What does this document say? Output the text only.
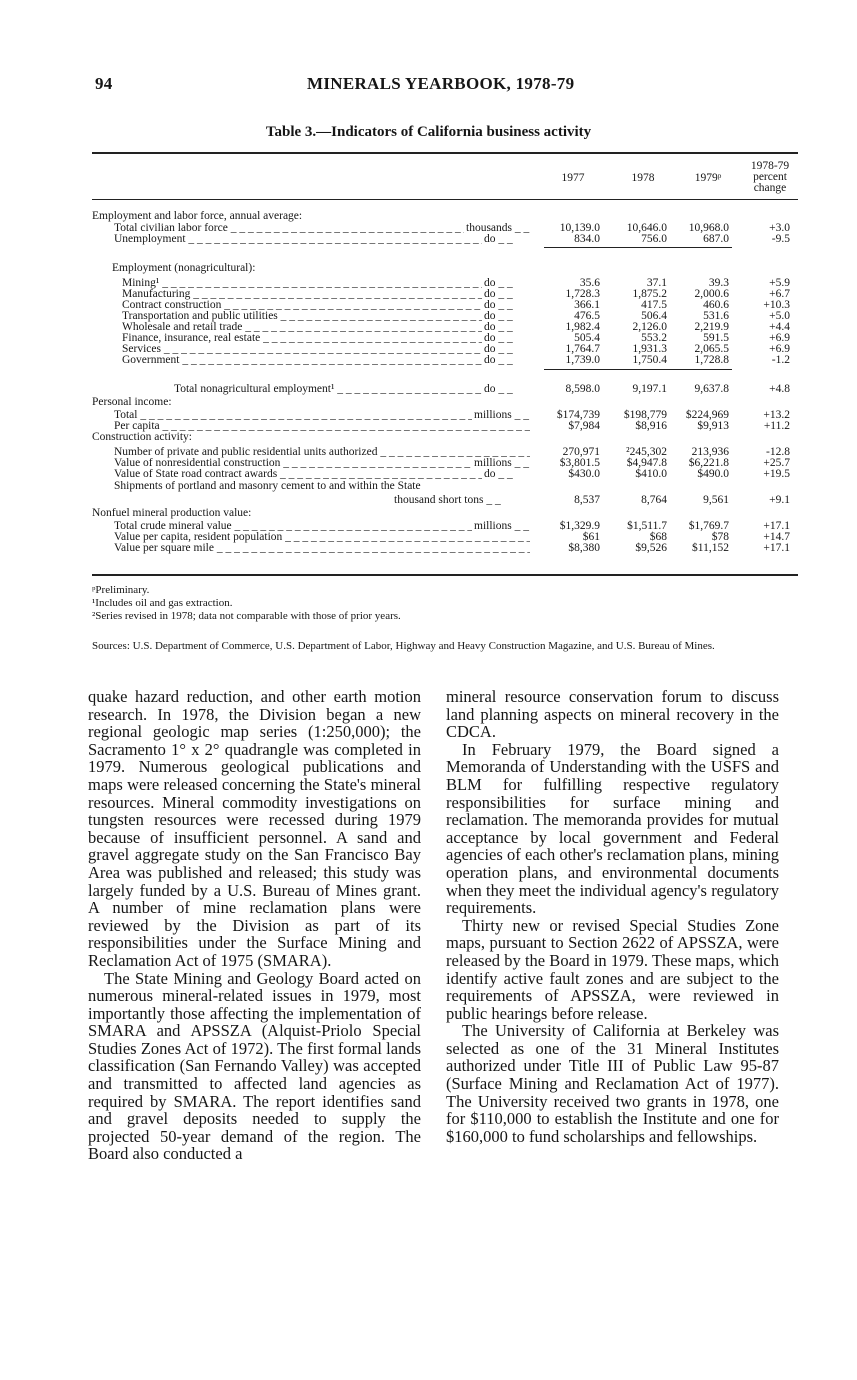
94	MINERALS YEARBOOK, 1978-79
Table 3.—Indicators of California business activity
1977	1978	1979ᵖ
1978-79
percent
change
Employment and labor force, annual average:
Total civilian labor force _ _ _	thousands _ _	10,139.0	10,646.0	10,968.0	+3.0
Unemployment _ _ _	do _ _	834.0	756.0	687.0	-9.5
Employment (nonagricultural):
Mining¹ _ _ _	do _ _	35.6	37.1	39.3	+5.9
Manufacturing _ _ _	do _ _	1,728.3	1,875.2	2,000.6	+6.7
Contract construction _ _ _	do _ _	366.1	417.5	460.6	+10.3
Transportation and public utilities _ _ _	do _ _	476.5	506.4	531.6	+5.0
Wholesale and retail trade _ _ _	do _ _	1,982.4	2,126.0	2,219.9	+4.4
Finance, insurance, real estate _ _ _	do _ _	505.4	553.2	591.5	+6.9
Services _ _ _	do _ _	1,764.7	1,931.3	2,065.5	+6.9
Government _ _ _	do _ _	1,739.0	1,750.4	1,728.8	-1.2
Total nonagricultural employment¹ _ _ _	do _ _	8,598.0	9,197.1	9,637.8	+4.8
Personal income:
Total _ _ _	millions _ _	$174,739	$198,779	$224,969	+13.2
Per capita _ _ _	$7,984	$8,916	$9,913	+11.2
Construction activity:
Number of private and public residential units authorized _ _ _	270,971	²245,302	213,936	-12.8
Value of nonresidential construction _ _ _	millions _ _	$3,801.5	$4,947.8	$6,221.8	+25.7
Value of State road contract awards _ _ _	do _ _	$430.0	$410.0	$490.0	+19.5
Shipments of portland and masonry cement to and within the State
thousand short tons _ _	8,537	8,764	9,561	+9.1
Nonfuel mineral production value:
Total crude mineral value _ _ _	millions _ _	$1,329.9	$1,511.7	$1,769.7	+17.1
Value per capita, resident population _ _ _	$61	$68	$78	+14.7
Value per square mile _ _ _	$8,380	$9,526	$11,152	+17.1

ᵖPreliminary.

¹Includes oil and gas extraction.

²Series revised in 1978; data not comparable with those of prior years.

Sources: U.S. Department of Commerce, U.S. Department of Labor, Highway and Heavy Construction Magazine, and U.S. Bureau of Mines.

quake hazard reduction, and other earth motion research. In 1978, the Division began a new regional geologic map series (1:250,000); the Sacramento 1° x 2° quadrangle was completed in 1979. Numerous geological publications and maps were released concerning the State's mineral resources. Mineral commodity investigations on tungsten resources were recessed during 1979 because of insufficient personnel. A sand and gravel aggregate study on the San Francisco Bay Area was published and released; this study was largely funded by a U.S. Bureau of Mines grant. A number of mine reclamation plans were reviewed by the Division as part of its responsibilities under the Surface Mining and Reclamation Act of 1975 (SMARA).

The State Mining and Geology Board acted on numerous mineral-related issues in 1979, most importantly those affecting the implementation of SMARA and APSSZA (Alquist-Priolo Special Studies Zones Act of 1972). The first formal lands classification (San Fernando Valley) was accepted and transmitted to affected land agencies as required by SMARA. The report identifies sand and gravel deposits needed to supply the projected 50-year demand of the region. The Board also conducted a

mineral resource conservation forum to discuss land planning aspects on mineral recovery in the CDCA.

In February 1979, the Board signed a Memoranda of Understanding with the USFS and BLM for fulfilling respective regulatory responsibilities for surface mining and reclamation. The memoranda provides for mutual acceptance by local government and Federal agencies of each other's reclamation plans, mining operation plans, and environmental documents when they meet the individual agency's regulatory requirements.

Thirty new or revised Special Studies Zone maps, pursuant to Section 2622 of APSSZA, were released by the Board in 1979. These maps, which identify active fault zones and are subject to the requirements of APSSZA, were reviewed in public hearings before release.

The University of California at Berkeley was selected as one of the 31 Mineral Institutes authorized under Title III of Public Law 95-87 (Surface Mining and Reclamation Act of 1977). The University received two grants in 1978, one for $110,000 to establish the Institute and one for $160,000 to fund scholarships and fellowships.
